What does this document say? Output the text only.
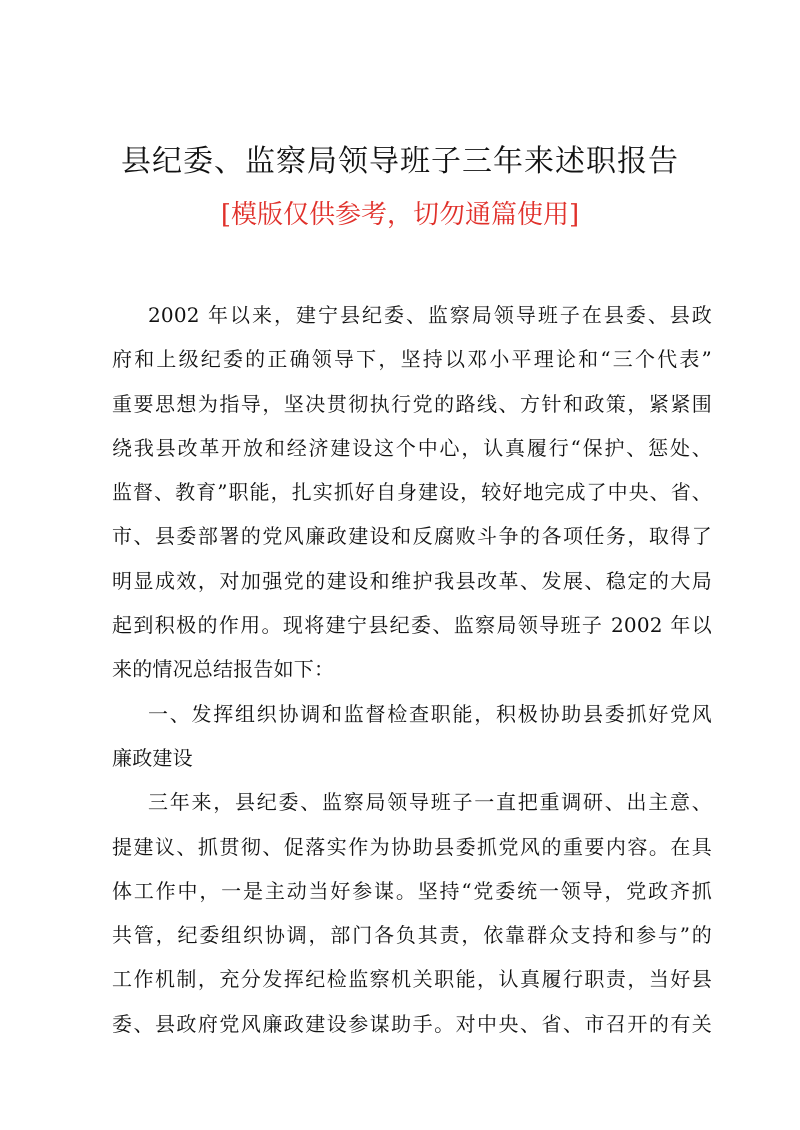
县纪委、监察局领导班子三年来述职报告
[模版仅供参考，切勿通篇使用]
2002 年以来，建宁县纪委、监察局领导班子在县委、县政
府和上级纪委的正确领导下，坚持以邓小平理论和“三个代表”
重要思想为指导，坚决贯彻执行党的路线、方针和政策，紧紧围
绕我县改革开放和经济建设这个中心，认真履行“保护、惩处、
监督、教育”职能，扎实抓好自身建设，较好地完成了中央、省、
市、县委部署的党风廉政建设和反腐败斗争的各项任务，取得了
明显成效，对加强党的建设和维护我县改革、发展、稳定的大局
起到积极的作用。现将建宁县纪委、监察局领导班子 2002 年以
来的情况总结报告如下：
一、发挥组织协调和监督检查职能，积极协助县委抓好党风
廉政建设
三年来，县纪委、监察局领导班子一直把重调研、出主意、
提建议、抓贯彻、促落实作为协助县委抓党风的重要内容。在具
体工作中，一是主动当好参谋。坚持“党委统一领导，党政齐抓
共管，纪委组织协调，部门各负其责，依靠群众支持和参与”的
工作机制，充分发挥纪检监察机关职能，认真履行职责，当好县
委、县政府党风廉政建设参谋助手。对中央、省、市召开的有关
